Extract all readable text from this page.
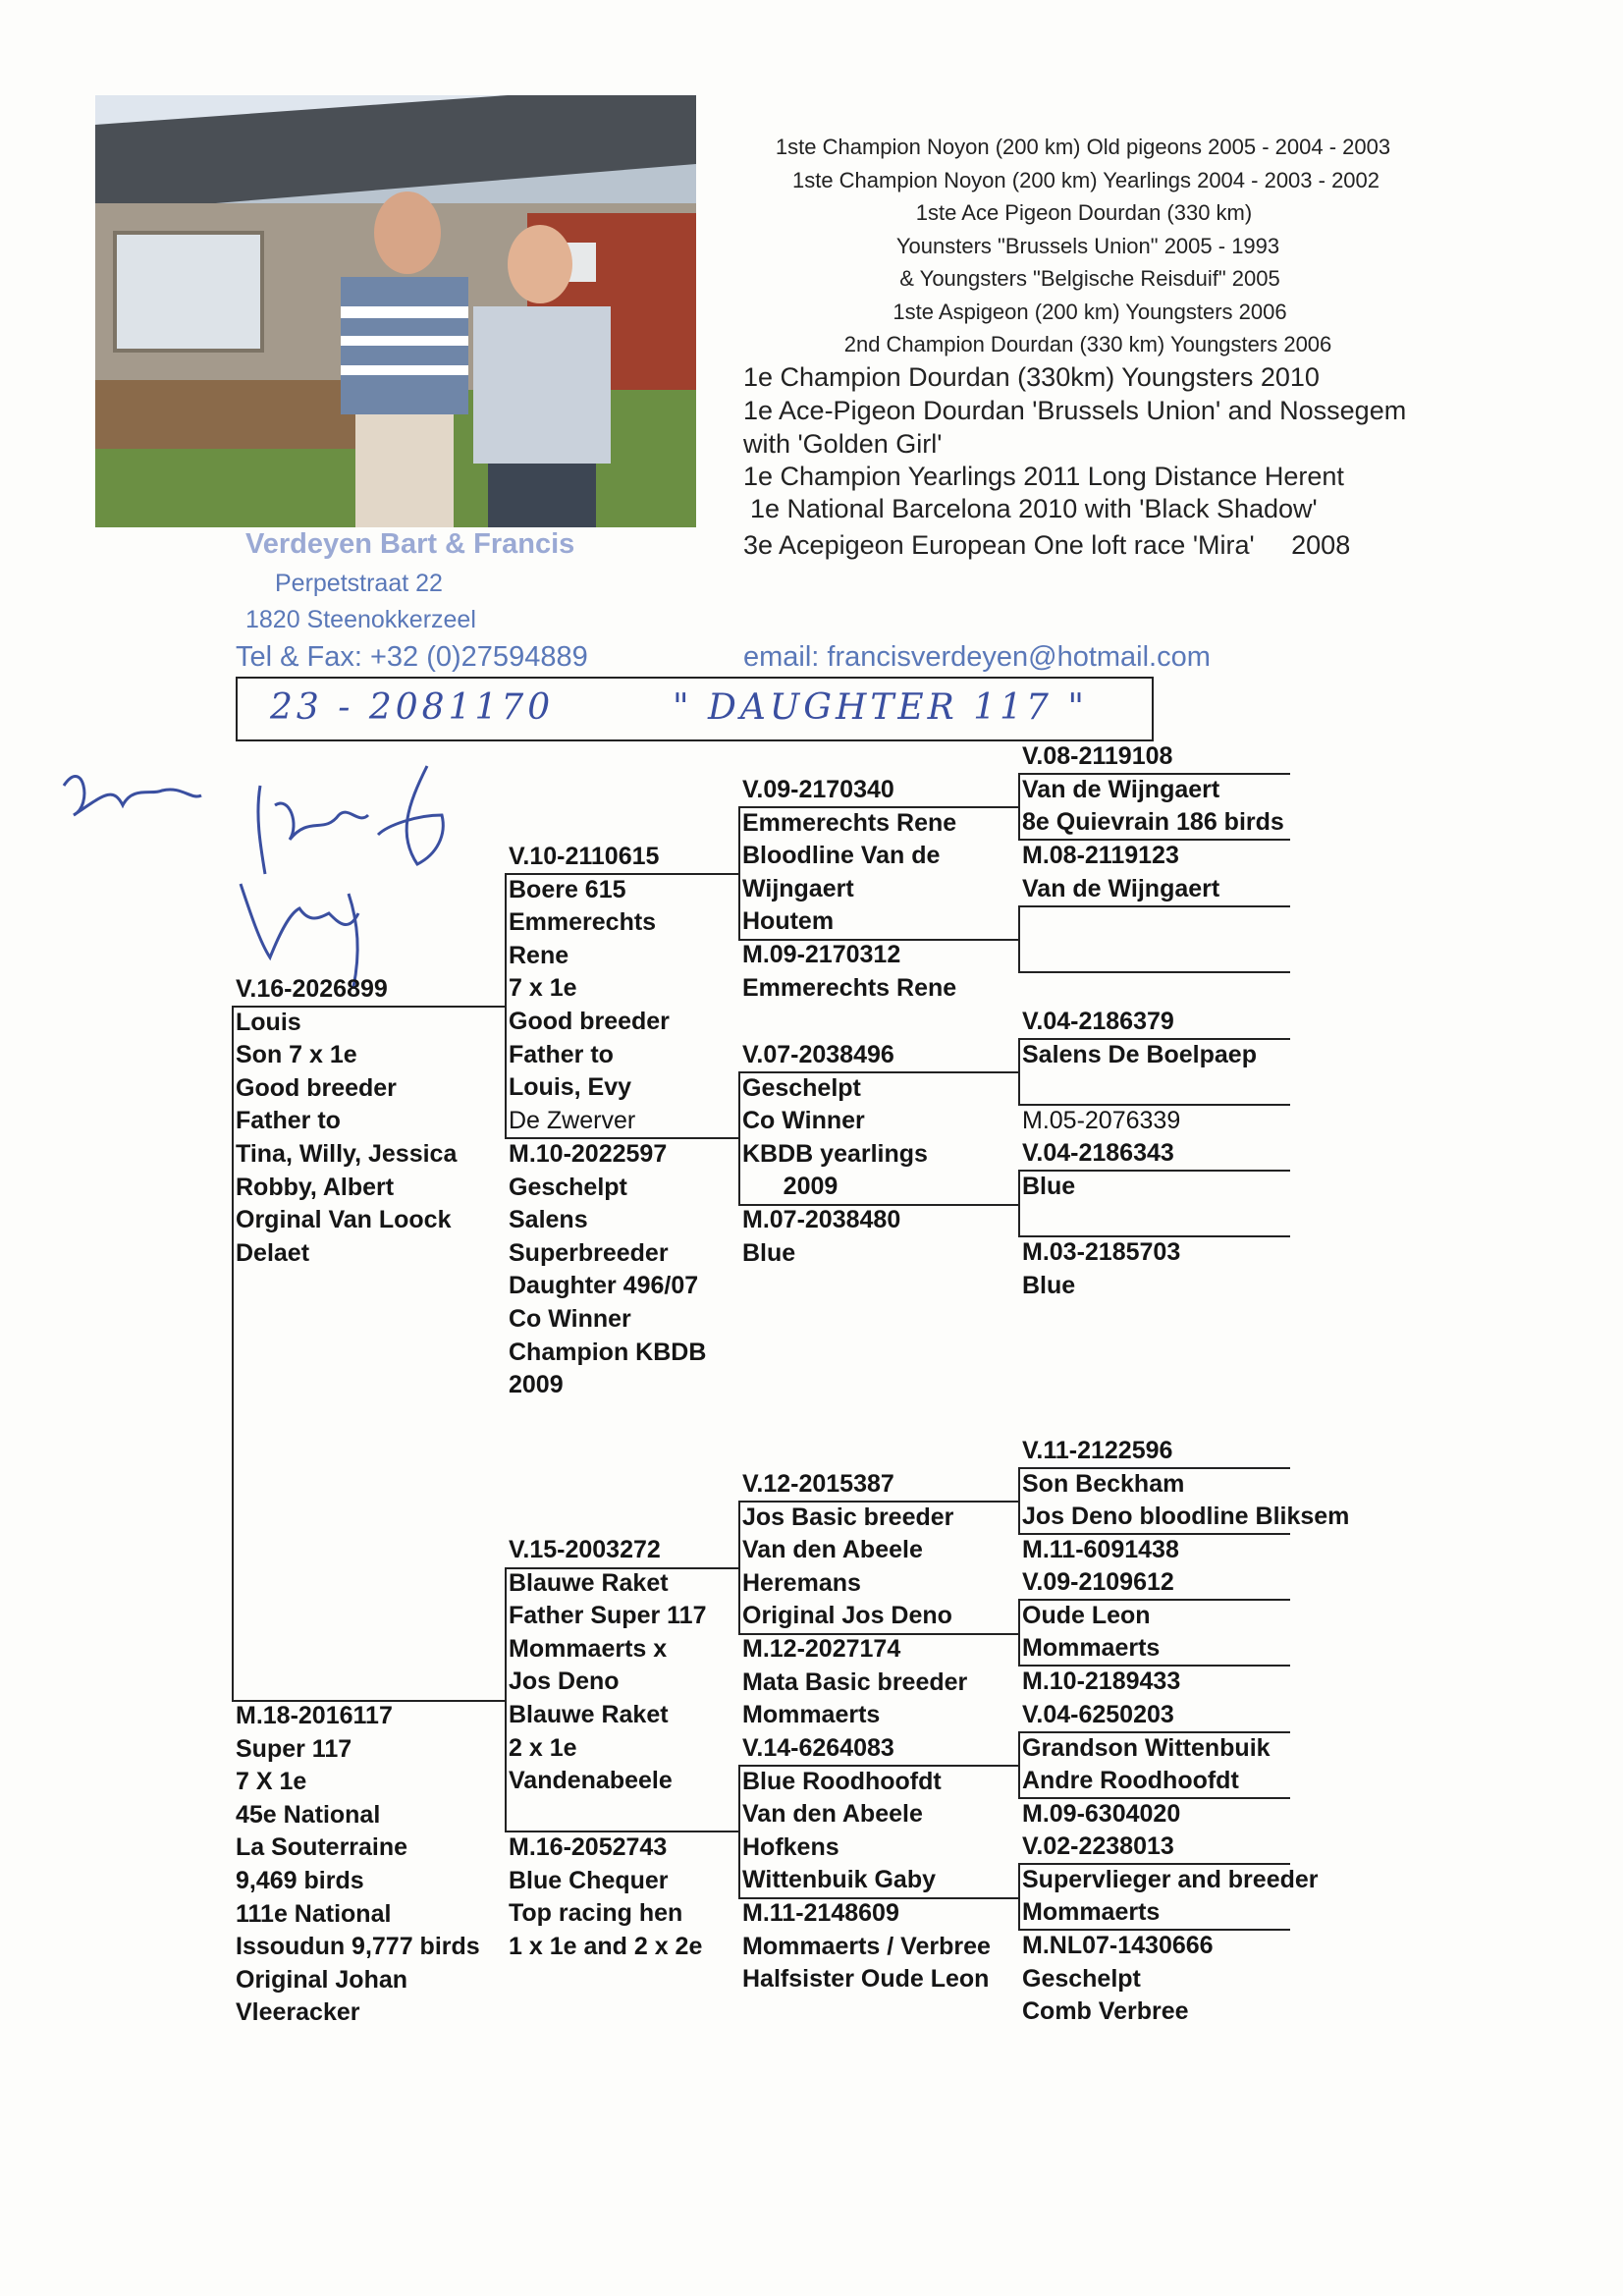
1ste Champion Noyon (200 km) Old pigeons 2005 - 2004 - 2003
1ste Champion Noyon (200 km) Yearlings 2004 - 2003 - 2002
1ste Ace Pigeon Dourdan (330 km)
Younsters "Brussels Union" 2005 - 1993
& Youngsters "Belgische Reisduif" 2005
1ste Aspigeon (200 km) Youngsters 2006
2nd Champion Dourdan (330 km) Youngsters 2006
1e Champion Dourdan (330km) Youngsters 2010
1e Ace-Pigeon Dourdan 'Brussels Union' and Nossegem
with 'Golden Girl'
1e Champion Yearlings 2011 Long Distance Herent
1e National Barcelona 2010 with 'Black Shadow'
3e Acepigeon European One loft race 'Mira'     2008
Verdeyen Bart & Francis
Perpetstraat 22
1820 Steenokkerzeel
Tel & Fax: +32 (0)27594889	email: francisverdeyen@hotmail.com
23 - 2081170	" DAUGHTER 117 "
V.16-2026899
Louis
Son 7 x 1e
Good breeder
Father to
Tina, Willy, Jessica
Robby, Albert
Orginal Van Loock
Delaet
M.18-2016117
Super 117
7 X 1e
45e National
La Souterraine
9,469 birds
111e National
Issoudun 9,777 birds
Original Johan
Vleeracker
V.10-2110615
Boere 615
Emmerechts
Rene
7 x 1e
Good breeder
Father to
Louis, Evy
De Zwerver
M.10-2022597
Geschelpt
Salens
Superbreeder
Daughter 496/07
Co Winner
Champion KBDB
2009
V.15-2003272
Blauwe Raket
Father Super 117
Mommaerts x
Jos Deno
Blauwe Raket
2 x 1e
Vandenabeele
M.16-2052743
Blue Chequer
Top racing hen
1 x 1e and 2 x 2e
V.09-2170340
Emmerechts Rene
Bloodline Van de
Wijngaert
Houtem
M.09-2170312
Emmerechts Rene
V.07-2038496
Geschelpt
Co Winner
KBDB yearlings
2009
M.07-2038480
Blue
V.12-2015387
Jos Basic breeder
Van den Abeele
Heremans
Original Jos Deno
M.12-2027174
Mata Basic breeder
Mommaerts
V.14-6264083
Blue Roodhoofdt
Van den Abeele
Hofkens
Wittenbuik Gaby
M.11-2148609
Mommaerts / Verbree
Halfsister Oude Leon
V.08-2119108
Van de Wijngaert
8e Quievrain 186 birds
M.08-2119123
Van de Wijngaert
V.04-2186379
Salens De Boelpaep
M.05-2076339
V.04-2186343
Blue
M.03-2185703
Blue
V.11-2122596
Son Beckham
Jos Deno bloodline Bliksem
M.11-6091438
V.09-2109612
Oude Leon
Mommaerts
M.10-2189433
V.04-6250203
Grandson Wittenbuik
Andre Roodhoofdt
M.09-6304020
V.02-2238013
Supervlieger and breeder
Mommaerts
M.NL07-1430666
Geschelpt
Comb Verbree
